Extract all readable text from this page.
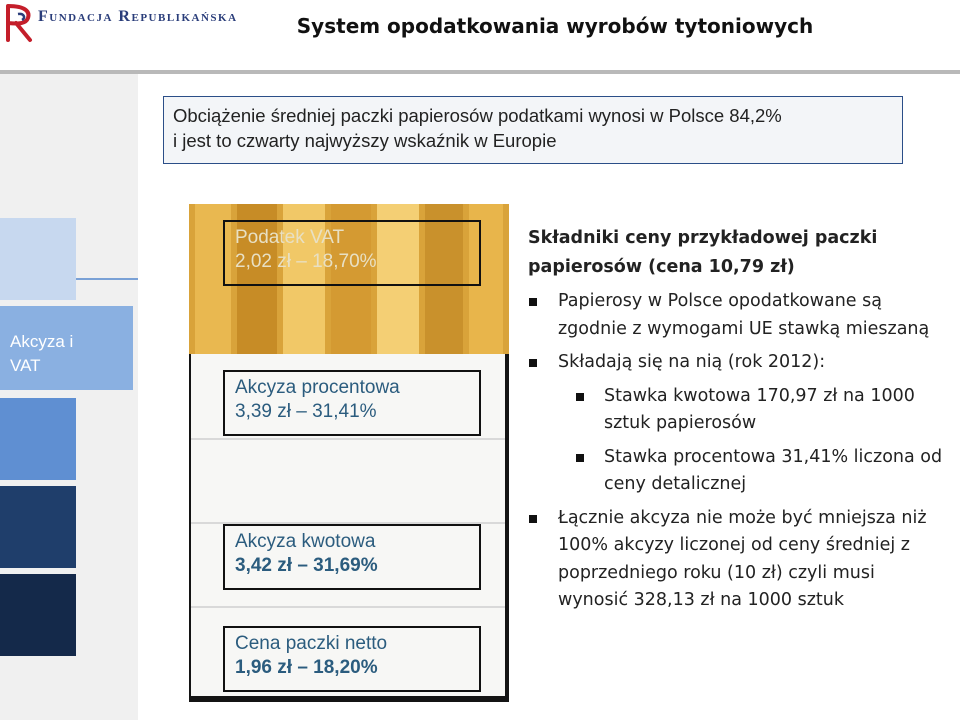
Fundacja Republikańska	System opodatkowania wyrobów tytoniowych
Akcyza i VAT

Obciążenie średniej paczki papierosów podatkami wynosi w Polsce 84,2%

i jest to czwarty najwyższy wskaźnik w Europie

Podatek VAT
2,02 zł – 18,70%
Akcyza procentowa
3,39 zł – 31,41%
Akcyza kwotowa
3,42 zł – 31,69%
Cena paczki netto
1,96 zł – 18,20%
Składniki ceny przykładowej paczki papierosów (cena 10,79 zł)
Papierosy w Polsce opodatkowane są zgodnie z wymogami UE stawką mieszaną
Składają się na nią (rok 2012):
Stawka kwotowa 170,97 zł na 1000 sztuk papierosów
Stawka procentowa 31,41% liczona od ceny detalicznej
Łącznie akcyza nie może być mniejsza niż 100% akcyzy liczonej od ceny średniej z poprzedniego roku (10 zł) czyli musi wynosić 328,13 zł na 1000 sztuk
